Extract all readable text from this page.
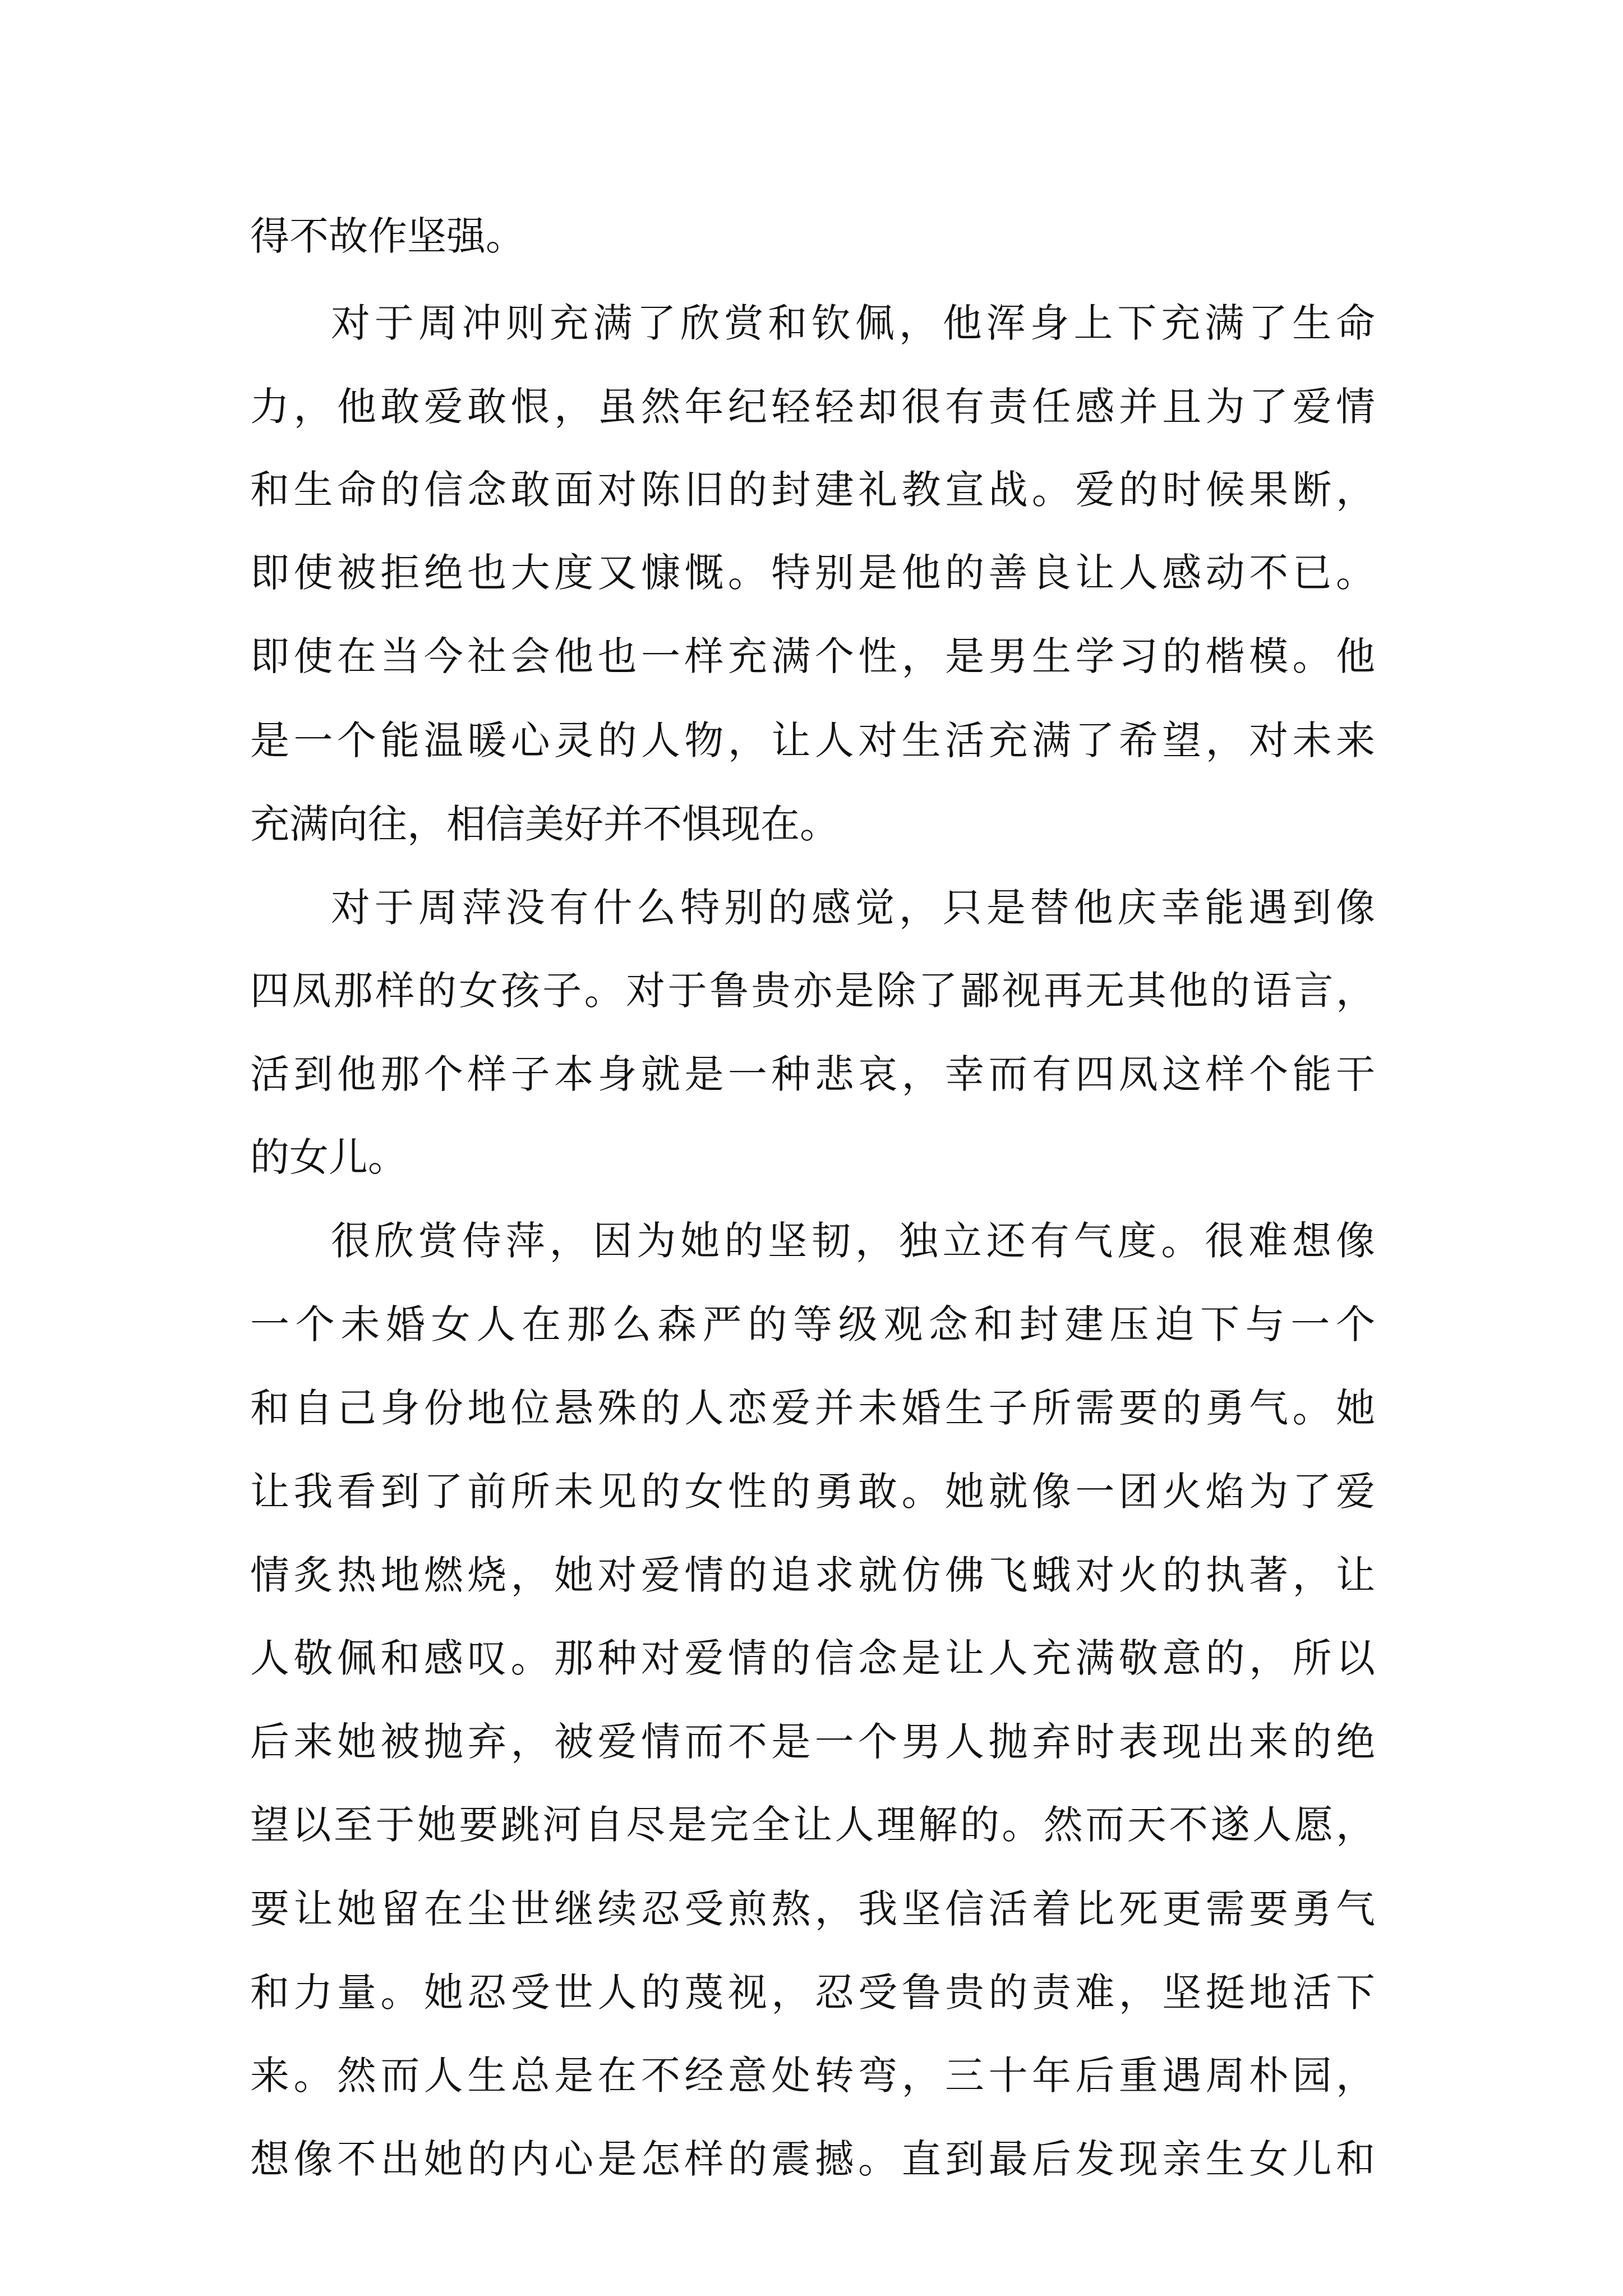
得不故作坚强。
对于周冲则充满了欣赏和钦佩，他浑身上下充满了生命
力，他敢爱敢恨，虽然年纪轻轻却很有责任感并且为了爱情
和生命的信念敢面对陈旧的封建礼教宣战。爱的时候果断，
即使被拒绝也大度又慷慨。特别是他的善良让人感动不已。
即使在当今社会他也一样充满个性，是男生学习的楷模。他
是一个能温暖心灵的人物，让人对生活充满了希望，对未来
充满向往，相信美好并不惧现在。
对于周萍没有什么特别的感觉，只是替他庆幸能遇到像
四凤那样的女孩子。对于鲁贵亦是除了鄙视再无其他的语言，
活到他那个样子本身就是一种悲哀，幸而有四凤这样个能干
的女儿。
很欣赏侍萍，因为她的坚韧，独立还有气度。很难想像
一个未婚女人在那么森严的等级观念和封建压迫下与一个
和自己身份地位悬殊的人恋爱并未婚生子所需要的勇气。她
让我看到了前所未见的女性的勇敢。她就像一团火焰为了爱
情炙热地燃烧，她对爱情的追求就仿佛飞蛾对火的执著，让
人敬佩和感叹。那种对爱情的信念是让人充满敬意的，所以
后来她被抛弃，被爱情而不是一个男人抛弃时表现出来的绝
望以至于她要跳河自尽是完全让人理解的。然而天不遂人愿，
要让她留在尘世继续忍受煎熬，我坚信活着比死更需要勇气
和力量。她忍受世人的蔑视，忍受鲁贵的责难，坚挺地活下
来。然而人生总是在不经意处转弯，三十年后重遇周朴园，
想像不出她的内心是怎样的震撼。直到最后发现亲生女儿和
